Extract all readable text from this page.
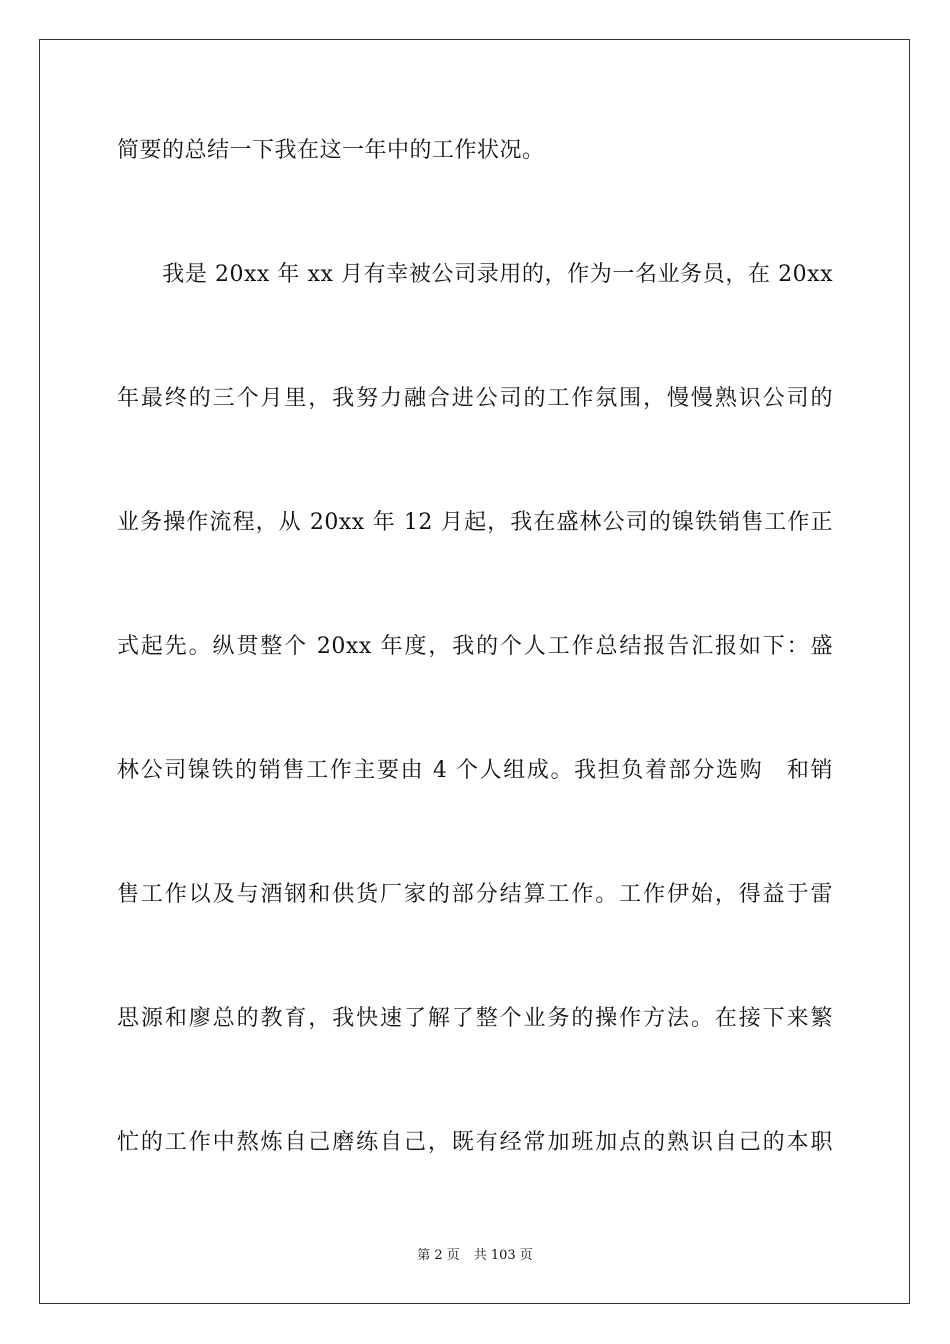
简要的总结一下我在这一年中的工作状况。
　　我是 20xx 年 xx 月有幸被公司录用的，作为一名业务员，在 20xx
年最终的三个月里，我努力融合进公司的工作氛围，慢慢熟识公司的
业务操作流程，从 20xx 年 12 月起，我在盛林公司的镍铁销售工作正
式起先。纵贯整个 20xx 年度，我的个人工作总结报告汇报如下：盛
林公司镍铁的销售工作主要由 4 个人组成。我担负着部分选购　和销
售工作以及与酒钢和供货厂家的部分结算工作。工作伊始，得益于雷
思源和廖总的教育，我快速了解了整个业务的操作方法。在接下来繁
忙的工作中熬炼自己磨练自己，既有经常加班加点的熟识自己的本职
第 2 页 共 103 页
